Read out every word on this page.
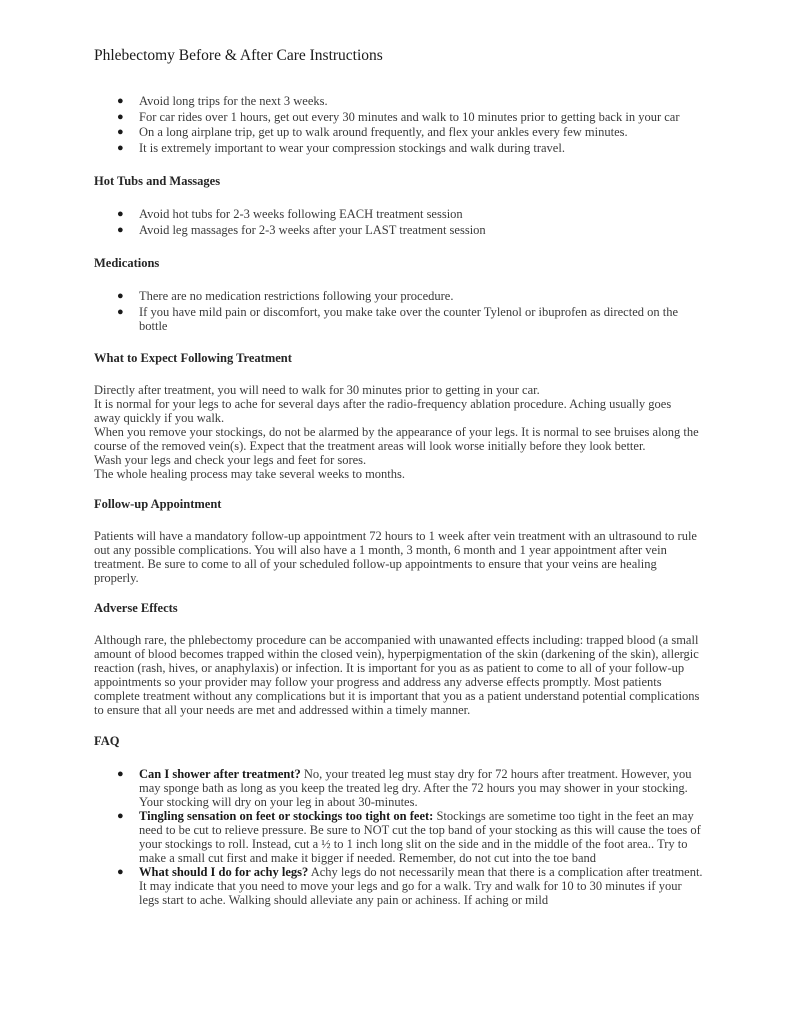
Phlebectomy Before & After Care Instructions
● Avoid long trips for the next 3 weeks.
● For car rides over 1 hours, get out every 30 minutes and walk to 10 minutes prior to getting back in your car
● On a long airplane trip, get up to walk around frequently, and flex your ankles every few minutes.
● It is extremely important to wear your compression stockings and walk during travel.
Hot Tubs and Massages
● Avoid hot tubs for 2-3 weeks following EACH treatment session
● Avoid leg massages for 2-3 weeks after your LAST treatment session
Medications
● There are no medication restrictions following your procedure.
● If you have mild pain or discomfort, you make take over the counter Tylenol or ibuprofen as directed on the bottle
What to Expect Following Treatment
Directly after treatment, you will need to walk for 30 minutes prior to getting in your car.
It is normal for your legs to ache for several days after the radio-frequency ablation procedure. Aching usually goes away quickly if you walk.
When you remove your stockings, do not be alarmed by the appearance of your legs. It is normal to see bruises along the course of the removed vein(s). Expect that the treatment areas will look worse initially before they look better.
Wash your legs and check your legs and feet for sores.
The whole healing process may take several weeks to months.
Follow-up Appointment

Patients will have a mandatory follow-up appointment 72 hours to 1 week after vein treatment with an ultrasound to rule out any possible complications. You will also have a 1 month, 3 month, 6 month and 1 year appointment after vein treatment. Be sure to come to all of your scheduled follow-up appointments to ensure that your veins are healing properly.

Adverse Effects

Although rare, the phlebectomy procedure can be accompanied with unawanted effects including: trapped blood (a small amount of blood becomes trapped within the closed vein), hyperpigmentation of the skin (darkening of the skin), allergic reaction (rash, hives, or anaphylaxis) or infection. It is important for you as as patient to come to all of your follow-up appointments so your provider may follow your progress and address any adverse effects promptly. Most patients complete treatment without any complications but it is important that you as a patient understand potential complications to ensure that all your needs are met and addressed within a timely manner.

FAQ
● Can I shower after treatment? No, your treated leg must stay dry for 72 hours after treatment. However, you may sponge bath as long as you keep the treated leg dry. After the 72 hours you may shower in your stocking. Your stocking will dry on your leg in about 30-minutes.
● Tingling sensation on feet or stockings too tight on feet: Stockings are sometime too tight in the feet an may need to be cut to relieve pressure. Be sure to NOT cut the top band of your stocking as this will cause the toes of your stockings to roll. Instead, cut a ½ to 1 inch long slit on the side and in the middle of the foot area.. Try to make a small cut first and make it bigger if needed. Remember, do not cut into the toe band
● What should I do for achy legs? Achy legs do not necessarily mean that there is a complication after treatment. It may indicate that you need to move your legs and go for a walk. Try and walk for 10 to 30 minutes if your legs start to ache. Walking should alleviate any pain or achiness. If aching or mild
